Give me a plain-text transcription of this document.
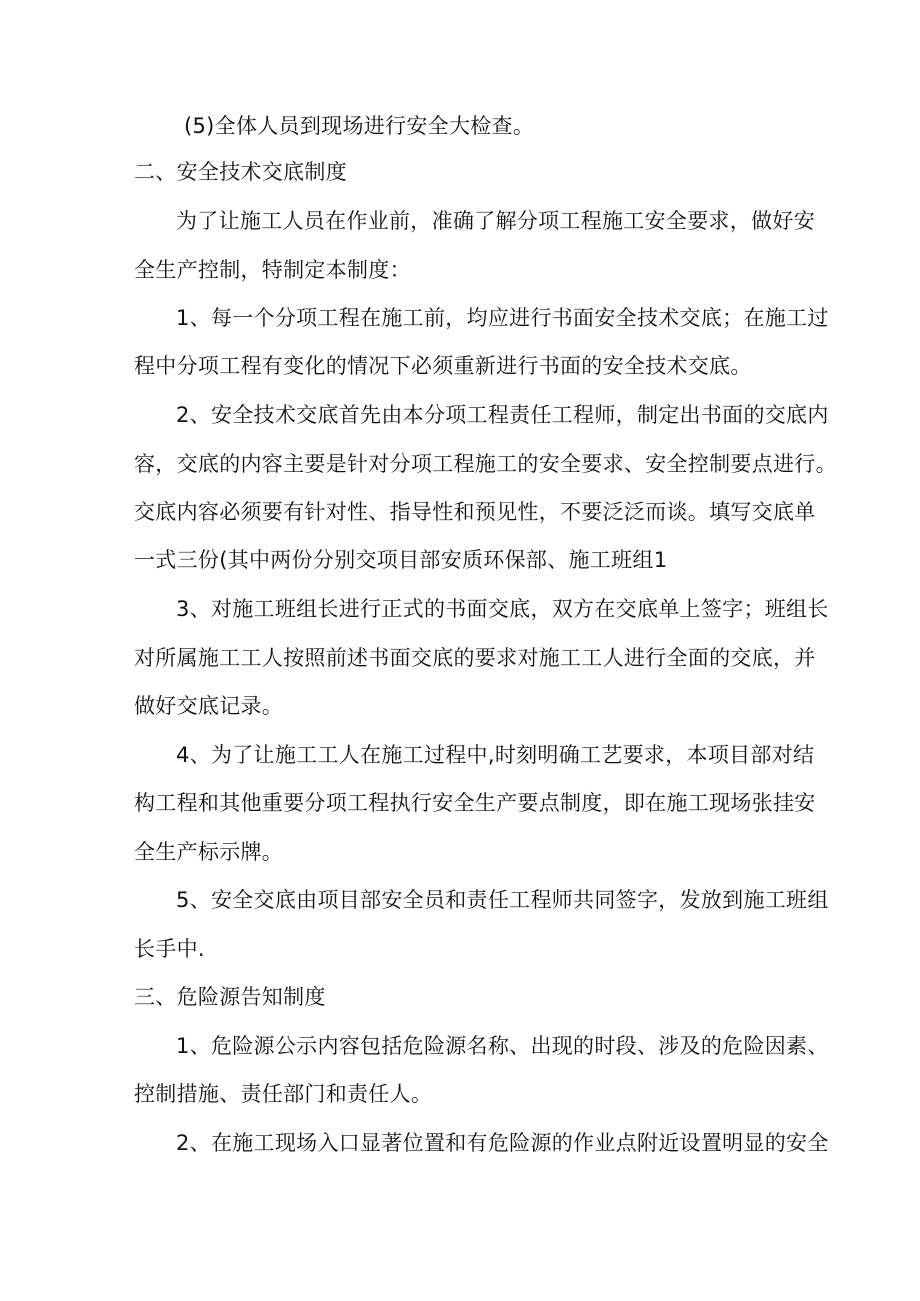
(5)全体人员到现场进行安全大检查。
二、安全技术交底制度
为了让施工人员在作业前，准确了解分项工程施工安全要求，做好安
全生产控制，特制定本制度：
1、每一个分项工程在施工前，均应进行书面安全技术交底；在施工过
程中分项工程有变化的情况下必须重新进行书面的安全技术交底。
2、安全技术交底首先由本分项工程责任工程师，制定出书面的交底内
容，交底的内容主要是针对分项工程施工的安全要求、安全控制要点进行。
交底内容必须要有针对性、指导性和预见性，不要泛泛而谈。填写交底单
一式三份(其中两份分别交项目部安质环保部、施工班组1
3、对施工班组长进行正式的书面交底，双方在交底单上签字；班组长
对所属施工工人按照前述书面交底的要求对施工工人进行全面的交底，并
做好交底记录。
4、为了让施工工人在施工过程中,时刻明确工艺要求，本项目部对结
构工程和其他重要分项工程执行安全生产要点制度，即在施工现场张挂安
全生产标示牌。
5、安全交底由项目部安全员和责任工程师共同签字，发放到施工班组
长手中.
三、危险源告知制度
1、危险源公示内容包括危险源名称、出现的时段、涉及的危险因素、
控制措施、责任部门和责任人。
2、在施工现场入口显著位置和有危险源的作业点附近设置明显的安全
